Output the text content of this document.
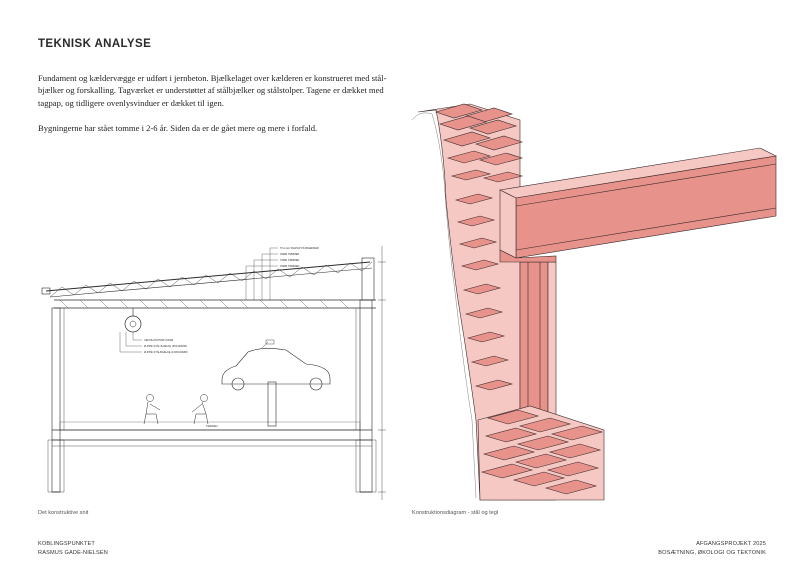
TEKNISK ANALYSE

Fundament og kældervægge er udført i jernbeton. Bjælkelaget over kælderen er konstrueret med stål-bjælker og forskalling. Tagværket er understøttet af stålbjælker og stålstolper. Tagene er dækket med tagpap, og tidligere ovenlysvinduer er dækket til igen.

Bygningerne har stået tomme i 2-6 år. Siden da er de gået mere og mere i forfald.

TO-LAG TAGPAP PÅ BRÆDDER
45MM TØMMER
75MM TØMMER
45MM TØMMER
VENTILATIONSSYSTEM
Ø-PIPE STÅL BJÆLKE (50X100MM)
Ø-PIPE STÅLBJÆLKE (100X100MM)
TERRÆN
Det konstruktive snit	Konstruktionsdiagram - stål og tegl
KOBLINGSPUNKTET
RASMUS GADE-NIELSEN
AFGANGSPROJEKT 2025
BOSÆTNING, ØKOLOGI OG TEKTONIK
